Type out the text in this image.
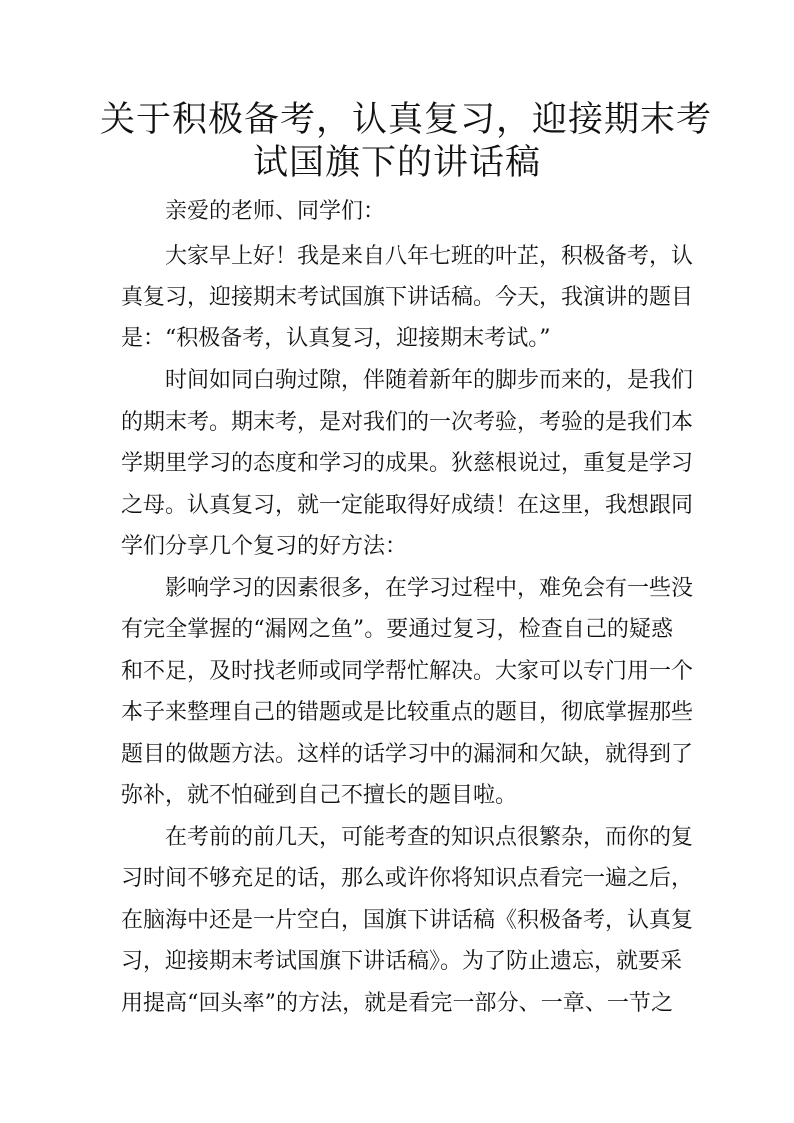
关于积极备考，认真复习，迎接期末考
试国旗下的讲话稿
亲爱的老师、同学们：
大家早上好！我是来自八年七班的叶芷，积极备考，认
真复习，迎接期末考试国旗下讲话稿。今天，我演讲的题目
是：“积极备考，认真复习，迎接期末考试。”
时间如同白驹过隙，伴随着新年的脚步而来的，是我们
的期末考。期末考，是对我们的一次考验，考验的是我们本
学期里学习的态度和学习的成果。狄慈根说过，重复是学习
之母。认真复习，就一定能取得好成绩！在这里，我想跟同
学们分享几个复习的好方法：
影响学习的因素很多，在学习过程中，难免会有一些没
有完全掌握的“漏网之鱼”。要通过复习，检查自己的疑惑
和不足，及时找老师或同学帮忙解决。大家可以专门用一个
本子来整理自己的错题或是比较重点的题目，彻底掌握那些
题目的做题方法。这样的话学习中的漏洞和欠缺，就得到了
弥补，就不怕碰到自己不擅长的题目啦。
在考前的前几天，可能考查的知识点很繁杂，而你的复
习时间不够充足的话，那么或许你将知识点看完一遍之后，
在脑海中还是一片空白，国旗下讲话稿《积极备考，认真复
习，迎接期末考试国旗下讲话稿》。为了防止遗忘，就要采
用提高“回头率”的方法，就是看完一部分、一章、一节之
